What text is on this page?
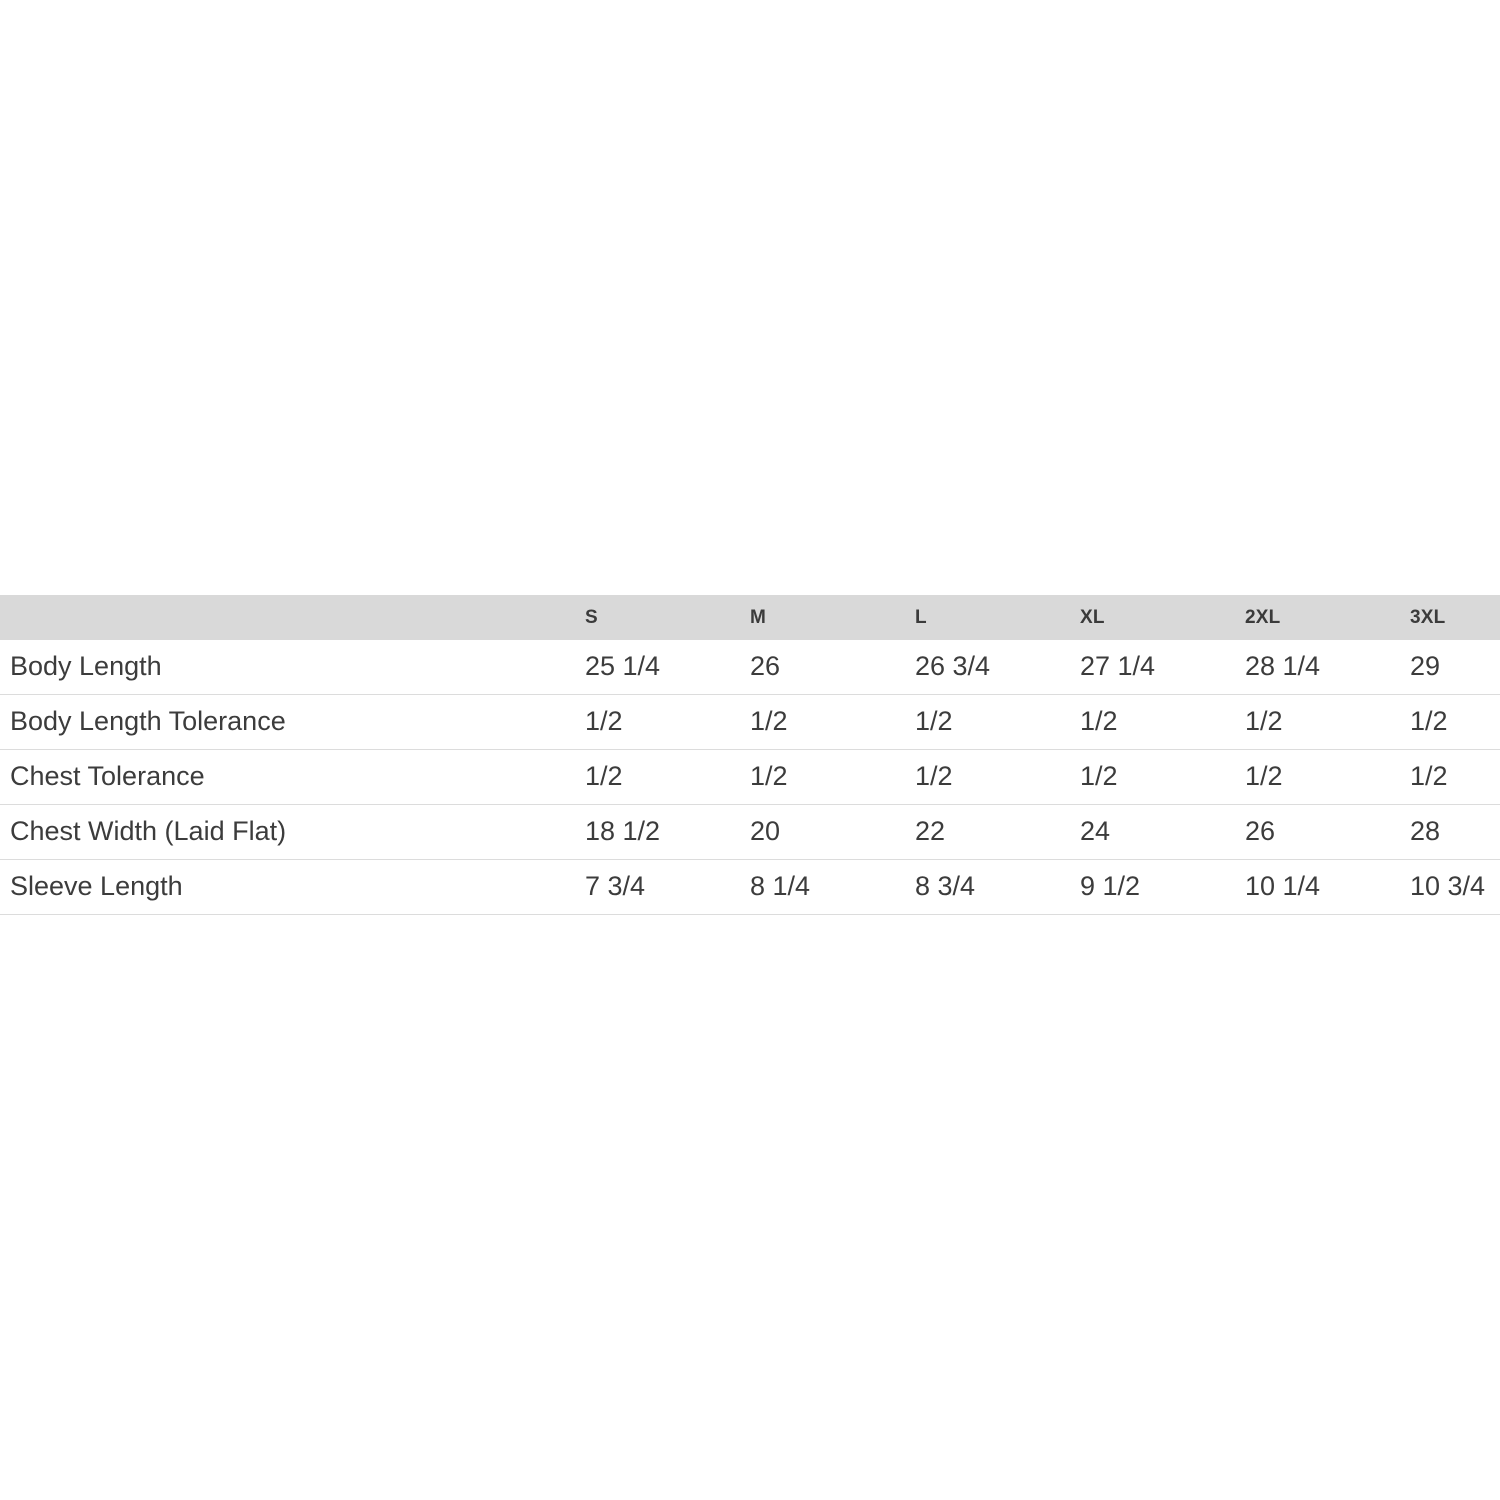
	S	M	L	XL	2XL	3XL
Body Length	25 1/4	26	26 3/4	27 1/4	28 1/4	29
Body Length Tolerance	1/2	1/2	1/2	1/2	1/2	1/2
Chest Tolerance	1/2	1/2	1/2	1/2	1/2	1/2
Chest Width (Laid Flat)	18 1/2	20	22	24	26	28
Sleeve Length	7 3/4	8 1/4	8 3/4	9 1/2	10 1/4	10 3/4
